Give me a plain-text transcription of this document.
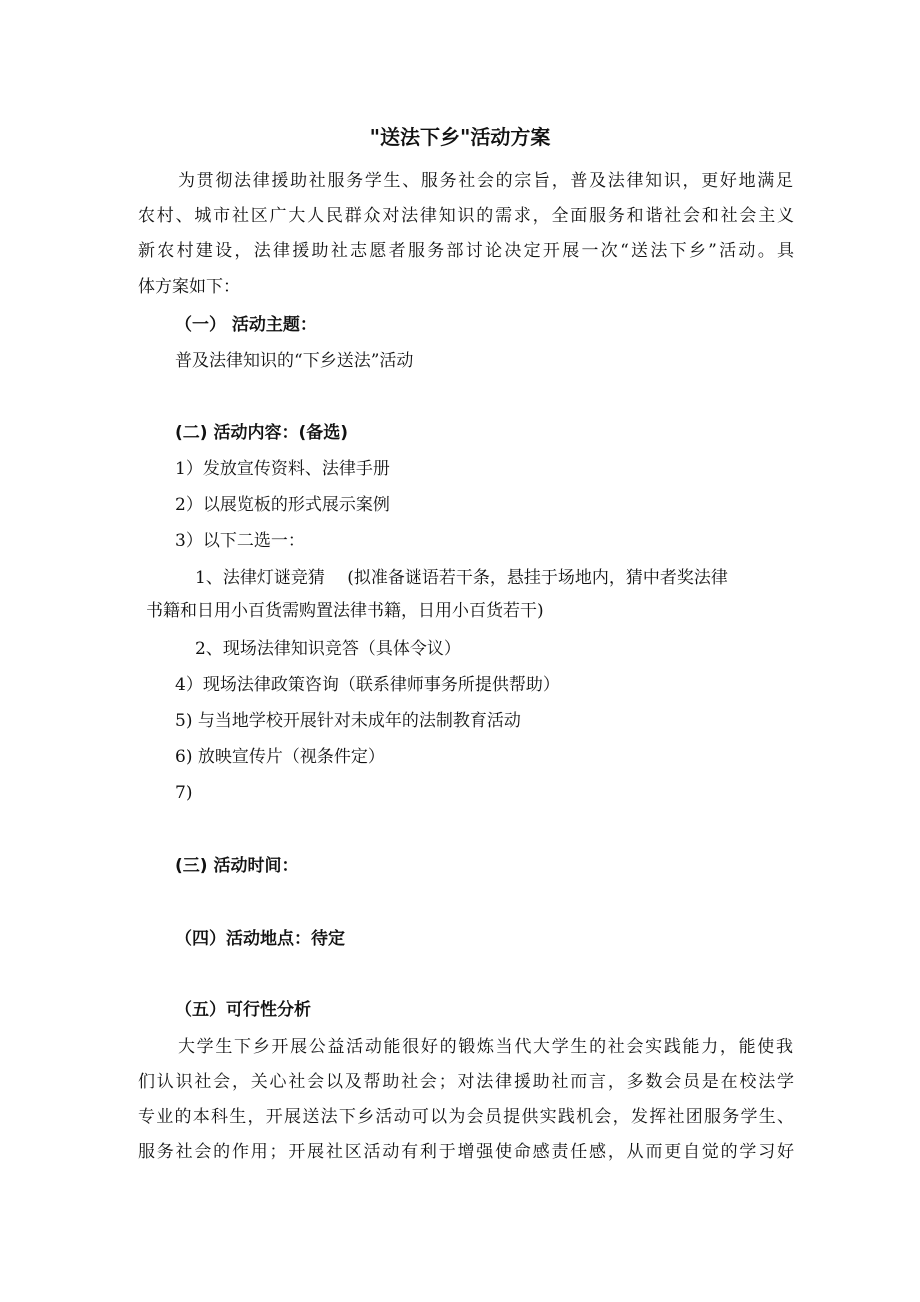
"送法下乡"活动方案
为贯彻法律援助社服务学生、服务社会的宗旨，普及法律知识，更好地满足
农村、城市社区广大人民群众对法律知识的需求，全面服务和谐社会和社会主义
新农村建设，法律援助社志愿者服务部讨论决定开展一次“送法下乡”活动。具
体方案如下：
（一） 活动主题：
普及法律知识的“下乡送法”活动
(二) 活动内容：(备选)
1）发放宣传资料、法律手册
2）以展览板的形式展示案例
3）以下二选一：
1、法律灯谜竞猜　 (拟准备谜语若干条，悬挂于场地内，猜中者奖法律
书籍和日用小百货需购置法律书籍，日用小百货若干)
2、现场法律知识竞答（具体令议）
4）现场法律政策咨询（联系律师事务所提供帮助）
5) 与当地学校开展针对未成年的法制教育活动
6) 放映宣传片（视条件定）
7)
(三) 活动时间：
（四）活动地点：待定
（五）可行性分析
大学生下乡开展公益活动能很好的锻炼当代大学生的社会实践能力，能使我
们认识社会，关心社会以及帮助社会；对法律援助社而言，多数会员是在校法学
专业的本科生，开展送法下乡活动可以为会员提供实践机会，发挥社团服务学生、
服务社会的作用；开展社区活动有利于增强使命感责任感，从而更自觉的学习好
